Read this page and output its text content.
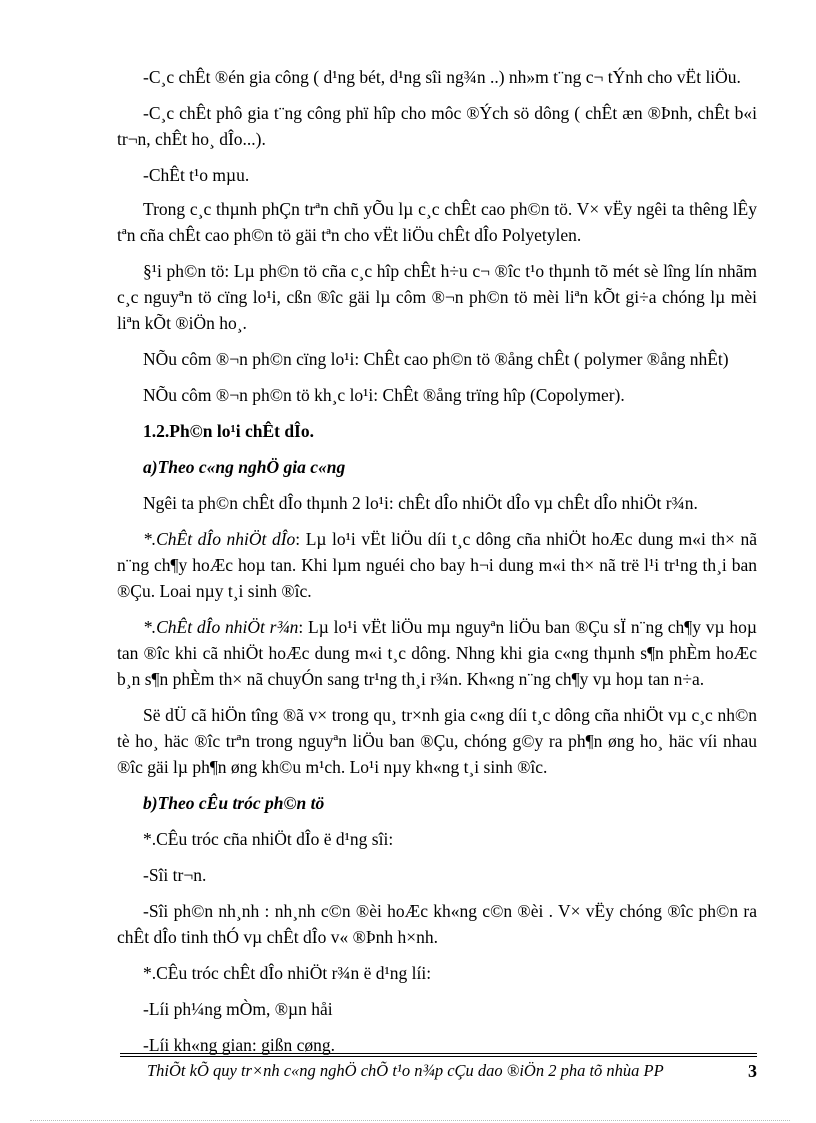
-C¸c chÊt ®én gia công ( d¹ng bét, d¹ng sîi ng¾n ..) nh»m t¨ng c¬ tÝnh cho vËt liÖu.

-C¸c chÊt phô gia t¨ng công phï hîp cho môc ®Ých sö dông ( chÊt æn ®Þnh, chÊt b«i tr¬n, chÊt ho¸ dÎo...).

-ChÊt t¹o mµu.

Trong c¸c thµnh phÇn trªn chñ yÕu lµ c¸c chÊt cao ph©n tö. V× vËy ngêi ta thêng lÊy tªn cña chÊt cao ph©n tö gäi tªn cho vËt liÖu chÊt dÎo Polyetylen.

§¹i ph©n tö: Lµ ph©n tö cña c¸c hîp chÊt h÷u c¬ ®îc t¹o thµnh tõ mét sè lîng lín nhãm c¸c nguyªn tö cïng lo¹i, cßn ®îc gäi lµ côm ®¬n ph©n tö mèi liªn kÕt gi÷a chóng lµ mèi liªn kÕt ®iÖn ho¸.

NÕu côm ®¬n ph©n cïng lo¹i: ChÊt cao ph©n tö ®ång chÊt ( polymer ®ång nhÊt)

NÕu côm ®¬n ph©n tö kh¸c lo¹i: ChÊt ®ång trïng hîp (Copolymer).

1.2.Ph©n lo¹i chÊt dÎo.

a)Theo c«ng nghÖ gia c«ng

Ngêi ta ph©n chÊt dÎo thµnh 2 lo¹i: chÊt dÎo nhiÖt dÎo vµ chÊt dÎo nhiÖt r¾n.

*.ChÊt dÎo nhiÖt dÎo: Lµ lo¹i vËt liÖu díi t¸c dông cña nhiÖt hoÆc dung m«i th× nã n¨ng ch¶y hoÆc hoµ tan. Khi lµm nguéi cho bay h¬i dung m«i th× nã trë l¹i tr¹ng th¸i ban ®Çu. Loai nµy t¸i sinh ®îc.

*.ChÊt dÎo nhiÖt r¾n: Lµ lo¹i vËt liÖu mµ nguyªn liÖu ban ®Çu sÏ n¨ng ch¶y vµ hoµ tan ®îc khi cã nhiÖt hoÆc dung m«i t¸c dông. Nhng khi gia c«ng thµnh s¶n phÈm hoÆc b¸n s¶n phÈm th× nã chuyÓn sang tr¹ng th¸i r¾n. Kh«ng n¨ng ch¶y vµ hoµ tan n÷a.

Së dÜ cã hiÖn tîng ®ã v× trong qu¸ tr×nh gia c«ng díi t¸c dông cña nhiÖt vµ c¸c nh©n tè ho¸ häc ®îc trªn trong nguyªn liÖu ban ®Çu, chóng g©y ra ph¶n øng ho¸ häc víi nhau ®îc gäi lµ ph¶n øng kh©u m¹ch. Lo¹i nµy kh«ng t¸i sinh ®îc.

b)Theo cÊu tróc ph©n tö

*.CÊu tróc cña nhiÖt dÎo ë d¹ng sîi:

-Sîi tr¬n.

-Sîi ph©n nh¸nh : nh¸nh c©n ®èi hoÆc kh«ng c©n ®èi . V× vËy chóng ®îc ph©n ra chÊt dÎo tinh thÓ vµ chÊt dÎo v« ®Þnh h×nh.

*.CÊu tróc chÊt dÎo nhiÖt r¾n ë d¹ng líi:

-Líi ph¼ng mÒm, ®µn håi

-Líi kh«ng gian: gißn cøng.

ThiÕt kÕ quy tr×nh c«ng nghÖ chÕ t¹o n¾p cÇu dao ®iÖn 2 pha tõ nhùa PP	3
